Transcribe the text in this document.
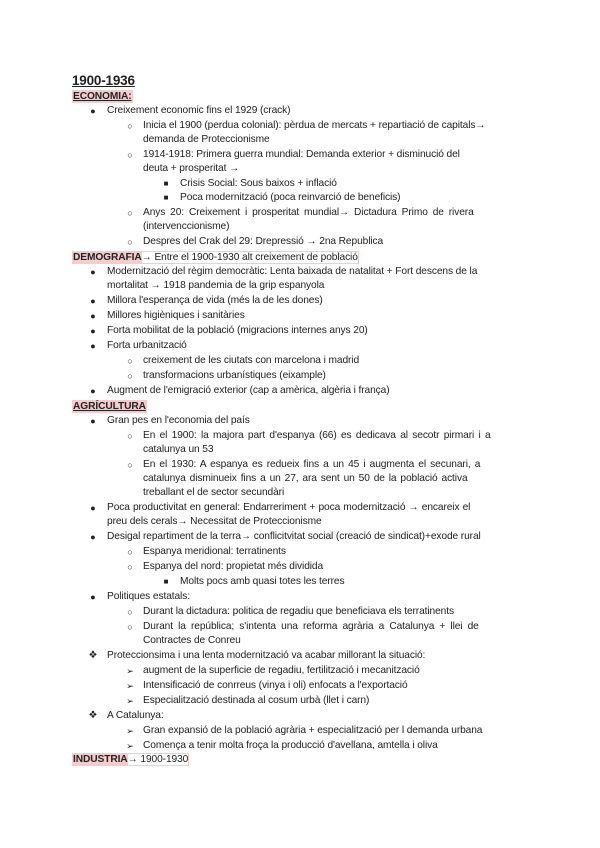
1900-1936
ECONOMIA:
●	Creixement economic fins el 1929 (crack)
○	Inicia el 1900 (perdua colonial): pèrdua de mercats + repartiació de capitals→
demanda de Proteccionisme
○	1914-1918: Primera guerra mundial: Demanda exterior + disminució del
deuta + prosperitat →
■	Crisis Social: Sous baixos + inflació
■	Poca modernització (poca reinvarció de beneficis)
○	Anys 20: Creixement i prosperitat mundial→ Dictadura Primo de rivera
(intervenccionisme)
○	Despres del Crak del 29: Drepressió → 2na Republica
DEMOGRAFIA→ Entre el 1900-1930 alt creixement de població
●	Modernització del règim democràtic: Lenta baixada de natalitat + Fort descens de la
mortalitat → 1918 pandemia de la grip espanyola
●	Millora l'esperança de vida (més la de les dones)
●	Millores higièniques i sanitàries
●	Forta mobilitat de la població (migracions internes anys 20)
●	Forta urbanització
○	creixement de les ciutats con marcelona i madrid
○	transformacions urbanístiques (eixample)
●	Augment de l'emigració exterior (cap a amèrica, algèria i frança)
AGRÍCULTURA
●	Gran pes en l'economia del país
○	En el 1900: la majora part d'espanya (66) es dedicava al secotr pirmari i a
catalunya un 53
○	En el 1930: A espanya es redueix fins a un 45 i augmenta el secunari, a
catalunya disminueix fins a un 27, ara sent un 50 de la població activa
treballant el de sector secundàri
●	Poca productivitat en general: Endarreriment + poca modernització → encareix el
preu dels cerals→ Necessitat de Proteccionisme
●	Desigal repartiment de la terra→ conflicitvitat social (creació de sindicat)+exode rural
○	Espanya meridional: terratinents
○	Espanya del nord: propietat més dividida
■	Molts pocs amb quasi totes les terres
●	Politiques estatals:
○	Durant la dictadura: politica de regadiu que beneficiava els terratinents
○	Durant la república; s'intenta una reforma agrària a Catalunya + llei de
Contractes de Conreu
❖ Proteccionsima i una lenta modernització va acabar millorant la situació:
➢ augment de la superficie de regadiu, fertilització i mecanització
➢ Intensificació de conrreus (vinya i oli) enfocats a l'exportació
➢ Especialització destinada al cosum urbà (llet i carn)
❖ A Catalunya:
➢ Gran expansió de la població agrària + especialització per l demanda urbana
➢ Comença a tenir molta froça la producció d'avellana, amtella i oliva
INDUSTRIA→ 1900-1930
